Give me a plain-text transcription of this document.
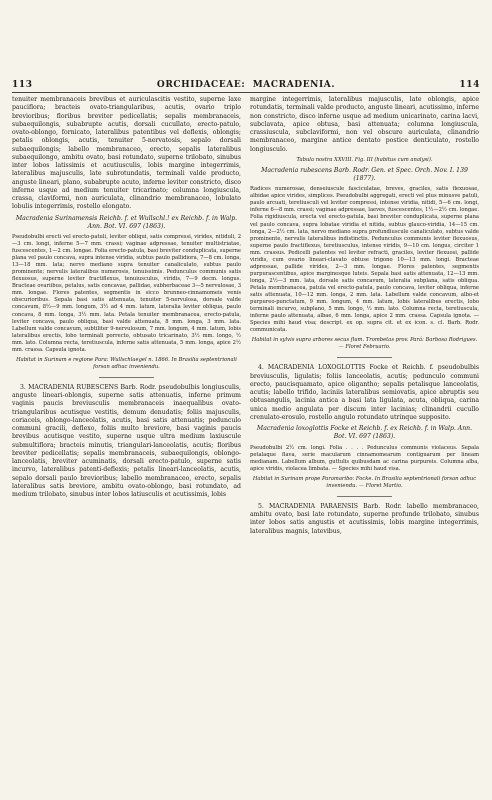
113	ORCHIDACEAE: MACRADENIA.	114

tenuiter membranaceis brevibus et auriculascitis vestito, superne laxe pauciflora; bracteis ovato-triangularibus, acutis, ovario triplo brevioribus; floribus breviter pedicellatis; sepalis membranaceis, subaequilongis, subabrupte acutis, dorsali cucullato, erecto-patulo, ovato-oblongo, fornicato, lateralibus patentibus vel deflexis, oblongis; petalis oblongis, acutis, tenuiter 5-nervatosis, sepalo dorsali subaequilongis; labello membranaceo, erecto, sepalis lateralibus subaequilongo, ambitu ovato, basi rotundato, superne trilobato, sinubus inter lobos latissimis et acutiusculis, lobis margine integerrimis, lateralibus majusculis, late subrotundatis, terminali valde producto, anguste lineari, plano, subabrupte acuto, inferne leviter constricto, disco inferne usque ad medium tenuiter tricarinato; columna longiuscula, crassa, claviformi, non auriculata, clinandrio membranaceo, lobulato lobulis integerrimis, rostello elongato.

Macradenia Surinamensis Reichb. f. et Wullschl.! ex Reichb. f. in Walp. Ann. Bot. VI. 697 (1863).

Pseudobulbi erecti vel erecto-patuli, leviter obliqui, satis compressi, virides, nitiduli, 2—3 cm. longi, inferne 5—7 mm. crassi; vaginae adpressae, tenuiter multistriatae, fuscescentes, 1—2 cm. longae. Folia erecto-patula, basi breviter conduplicata, superne plana vel paulo concava, supra intense viridia, subtus paulo pallidiora, 7—8 cm. longa, 13—18 mm. lata; nervo mediano supra tenuiter canaliculato, subtus paulo prominente; nervulis lateralibus numerosis, tenuissimis. Pedunculus communis satis flexuosus, superne leviter fractiflexus, tenuiusculus, viridis, 7—9 decm. longus. Bracteae ovariibus, petalus, satis concavae, pallidae, subherbaceae 3—5 nervulosae, 3 mm. longae. Flores patentes, segmentis in sicco brunneo-cinnamomeis venis obscurioribus. Sepala basi satis attenuata, tenuiter 5-nervulosa, dorsale valde concavum, 8½—9 mm. longum, 3½ ad 4 mm. latum, lateralia leviter obliqua, paulo concava, 8 mm. longa, 3½ mm. lata. Petala tenuiter membranacea, erecto-patula, leviter concava, paulo obliqua, basi valde attenuata, 8 mm. longa, 3 mm. lata. Labellum valde concavum, subtiliter 9-nervulosum, 7 mm. longum, 4 mm. latum, lobis lateralibus erectis, lobo terminali porrecto, obtusato tricarinato, 3½ mm. longo, ½ mm. lato. Columna recta, teretiuscula, inferne satis attenuata, 5 mm. longa, apice 2½ mm. crassa. Capsula ignota.

Habitat in Surinam e regione Para: Wullschlaegel n. 1866. In Brasilia septentrionali forsan adhuc inveniendu.

3. MACRADENIA RUBESCENS Barb. Rodr. pseudobulbis longiusculis, anguste lineari-oblongis, superne satis attenuatis, inferne primum vaginis paucis breviusculis membranaceis inaequalibus ovato-triangularibus acutisque vestitis, demum denudatis; foliis majusculis, coriaceis, oblongo-lanceolatis, acutis, basi satis attenuatis; pedunculo communi gracili, deflexo, foliis multo breviore, basi vaginis paucis brevibus acutisque vestito, superne usque ultra medium laxiuscule submultiflora; bracteis minutis, triangulari-lanceolatis, acutis; floribus breviter pedicellatis; sepalis membranaceis, subaequilongis, oblongo-lanceolatis, breviter acuminatis, dorsali erecto-patulo, superne satis incurvo, lateralibus patenti-deflexis; petalis lineari-lanceolatis, acutis, sepalo dorsali paulo brevioribus; labello membranaceo, erecto, sepalis lateralibus satis breviore, ambitu ovato-oblongo, basi rotundato, ad medium trilobato, sinubus inter lobos latiusculis et acutissimis, lobis

margine integerrimis, lateralibus majusculis, late oblongis, apice rotundatis, terminali valde producto, anguste lineari, acutissimo, inferne non constricto, disco inferne usque ad medium unicarinato, carina lacvi, subclavata, apice obtusa, basi attenuata; columna longiuscula, crassiuscula, subclaviformi, non vel obscure auriculata, clinandrio membranaceo, margine antice dentato postice denticulato, rostello longiusculo.

Tabula nostra XXVIII. Fig. III (habitus cum analysi).

Macradenia rubescens Barb. Rodr. Gen. et Spec. Orch. Nov. I. 139 (1877).

Radices numerosae, denseiuscule fasciculatae, breves, graciles, satis flexuosae, albidae apice virides, simplices. Pseudobulbi aggregati, erecti vel plus minusve patuli, paulo arcuati, teretiusculi vel leviter compressi, intense viridia, nitidi, 5—6 cm. longi, inferne 6—8 mm. crassi; vaginae adpressae, laeves, fuscescentes, 1½—2½ cm. longae. Folia rigidiuscula, erecta vel erecto-patula, basi breviter conduplicata, superne plana vel paulo concava, supra lobatae viridia et nitida, subtus glauco-viridia, 14—15 cm. longa, 2—2½ cm. lata, nervo mediano supra profundiuscule canaliculato, subtus valde prominente, nervulis lateralibus indistinctis. Pedunculus communis leviter flexuosus, superne paulo fractiflexus, teretiusculus, intense viridis, 9—10 cm. longus, circiter 1 mm. crassus. Pedicelli patentes vel leviter refracti, graciles, leviter flexuosi, pallide viridis, cum ovario lineari-clavato obtuse trigono 10—13 mm. longi. Bracteae adpressae, pallide virides, 2—3 mm. longae. Flores patentes, segmentis purpurascentibus, apice marginesque luteis. Sepala basi satis attenuata, 12—13 mm. longa, 2½—3 mm. lata, dorsale satis concavum, lateralia subplana, satis obliqua. Petala membranacea, patula vel erecto-patula, paulo concava, leviter obliqua, inferne satis attenuata, 10—12 mm. longa, 2 mm. lata. Labellum valde concavum, albo-et purpureo-punctatum, 9 mm. longum, 4 mm. latum, lobis lateralibus erectis, lobo terminali incurvo, subplano, 5 mm. longo, ½ mm. lato. Columna recta, teretiuscula, inferne paulo attenuata, albae, 6 mm. longa, apice 2 mm. crassa. Capsula ignota. — Species mihi haud visa; descript. ex op. supra cit. et ex icon. s. cl. Barb. Rodr. communicata.

Habitat in sylvis supra arbores secus flum. Trombetas prov. Pará: Barbosa Rodrigues. — Floret Februario.

4. MACRADENIA LOXOGLOTTIS Focke et Reichb. f. pseudobulbis breviusculis, ligulatis; foliis lanceolatis, acutis; pedunculo communi erecto, paucisquamato, apice oligantho; sepalis petalisque lanceolatis, acutis; labello trifido, laciniis lateralibus semiovatis, apice abruptis seu obtusangulis, lacinia antica a basi lata ligulata, acuta, obliqua, carina unica medio angulata per discum inter lacinias; clinandrii cucullo crenulato-erosulo, rostello angulo rotundato utrinque supposito.

Macradenia loxoglottis Focke et Reichb. f. ex Reichb. f. in Walp. Ann. Bot. VI. 697 (1863).

Pseudobulbi 2½ cm. longi. Folia . . . . Pedunculus communis violaceus. Sepala petalaque flava, serie macularum cinnamomearum contiguarum per lineam medianam. Labellum album, guttulis quibusdam ac carina purpureis. Columna alba, apice viridis, violacea limbata. — Species mihi haud visa.

Habitat in Surinam prope Paramaribo: Focke. In Brasilia septentrionali forsan adhuc inveniendu. — Floret Martio.

5. MACRADENIA PARAENSIS Barb. Rodr. labello membranaceo, ambitu ovato, basi late rotundato, superne profunde trilobato, sinubus inter lobos satis angustis et acutissimis, lobis margine integerrimis, lateralibus magnis, latevibus,
